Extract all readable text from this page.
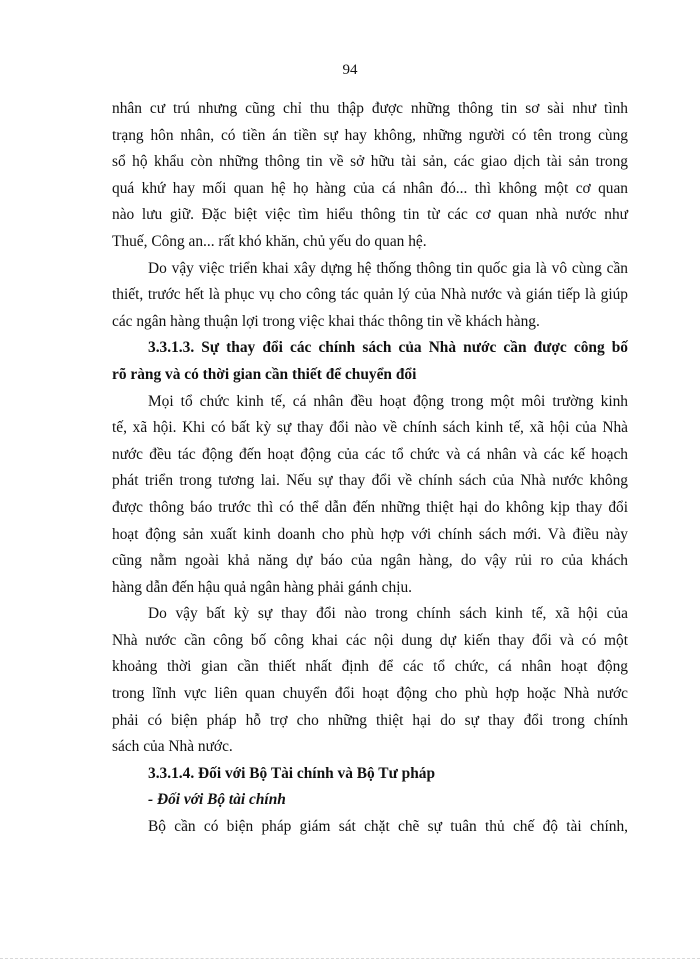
94

nhân cư trú nhưng cũng chỉ thu thập được những thông tin sơ sài như tình

trạng hôn nhân, có tiền án tiền sự hay không, những người có tên trong cùng

sổ hộ khẩu còn những thông tin về sở hữu tài sản, các giao dịch tài sản trong

quá khứ hay mối quan hệ họ hàng của cá nhân đó... thì không một cơ quan

nào lưu giữ. Đặc biệt việc tìm hiểu thông tin từ các cơ quan nhà nước như

Thuế, Công an... rất khó khăn, chủ yếu do quan hệ.

Do vậy việc triển khai xây dựng hệ thống thông tin quốc gia là vô cùng cần

thiết, trước hết là phục vụ cho công tác quản lý của Nhà nước và gián tiếp là giúp

các ngân hàng thuận lợi trong việc khai thác thông tin về khách hàng.

3.3.1.3. Sự thay đổi các chính sách của Nhà nước cần được công bố

rõ ràng và có thời gian cần thiết để chuyển đổi

Mọi tổ chức kinh tế, cá nhân đều hoạt động trong một môi trường kinh

tế, xã hội. Khi có bất kỳ sự thay đổi nào về chính sách kinh tế, xã hội của Nhà

nước đều tác động đến hoạt động của các tổ chức và cá nhân và các kế hoạch

phát triển trong tương lai. Nếu sự thay đổi về chính sách của Nhà nước không

được thông báo trước thì có thể dẫn đến những thiệt hại do không kịp thay đổi

hoạt động sản xuất kinh doanh cho phù hợp với chính sách mới. Và điều này

cũng nằm ngoài khả năng dự báo của ngân hàng, do vậy rủi ro của khách

hàng dẫn đến hậu quả ngân hàng phải gánh chịu.

Do vậy bất kỳ sự thay đổi nào trong chính sách kinh tế, xã hội của

Nhà nước cần công bố công khai các nội dung dự kiến thay đổi và có một

khoảng thời gian cần thiết nhất định để các tổ chức, cá nhân hoạt động

trong lĩnh vực liên quan chuyển đổi hoạt động cho phù hợp hoặc Nhà nước

phải có biện pháp hỗ trợ cho những thiệt hại do sự thay đổi trong chính

sách của Nhà nước.

3.3.1.4. Đối với Bộ Tài chính và Bộ Tư pháp

- Đối với Bộ tài chính

Bộ cần có biện pháp giám sát chặt chẽ sự tuân thủ chế độ tài chính,
